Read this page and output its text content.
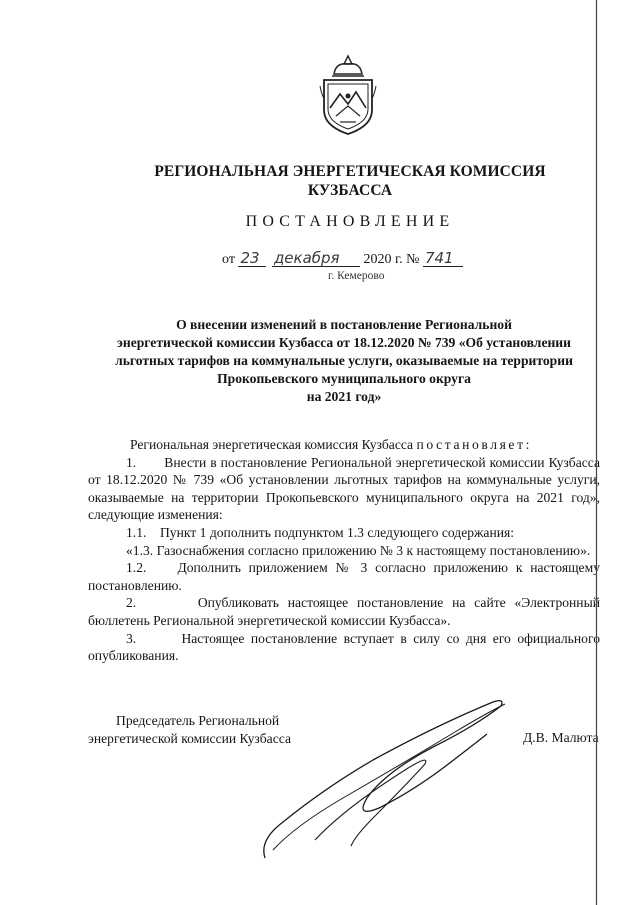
РЕГИОНАЛЬНАЯ ЭНЕРГЕТИЧЕСКАЯ КОМИССИЯ
КУЗБАССА
ПОСТАНОВЛЕНИЕ
от 23 декабря 2020 г. № 741
г. Кемерово
О внесении изменений в постановление Региональной
энергетической комиссии Кузбасса от 18.12.2020 № 739 «Об установлении
льготных тарифов на коммунальные услуги, оказываемые на территории
Прокопьевского муниципального округа
на 2021 год»

Региональная энергетическая комиссия Кузбасса постановляет:

1.       Внести в постановление Региональной энергетической комиссии Кузбасса от 18.12.2020 № 739 «Об установлении льготных тарифов на коммунальные услуги, оказываемые на территории Прокопьевского муниципального округа на 2021 год», следующие изменения:

1.1.    Пункт 1 дополнить подпунктом 1.3 следующего содержания:

«1.3. Газоснабжения согласно приложению № 3 к настоящему постановлению».

1.2.    Дополнить приложением № 3 согласно приложению к настоящему постановлению.

2.       Опубликовать настоящее постановление на сайте «Электронный бюллетень Региональной энергетической комиссии Кузбасса».

3.       Настоящее постановление вступает в силу со дня его официального опубликования.

Председатель Региональной
энергетической комиссии Кузбасса	Д.В. Малюта
